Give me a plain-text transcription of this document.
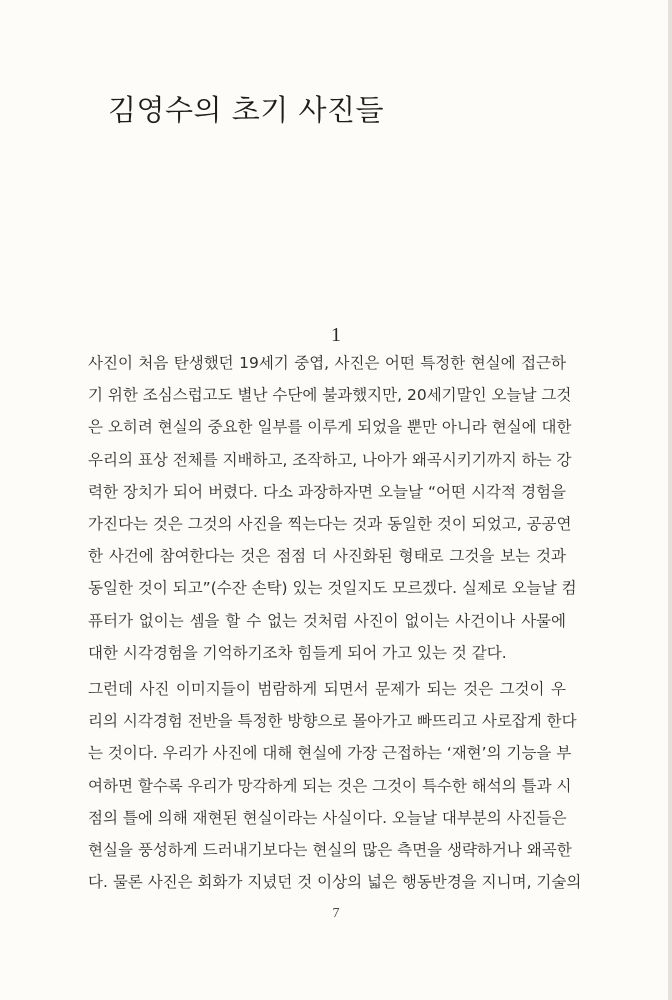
김영수의 초기 사진들

1

사진이 처음 탄생했던 19세기 중엽, 사진은 어떤 특정한 현실에 접근하

기 위한 조심스럽고도 별난 수단에 불과했지만, 20세기말인 오늘날 그것

은 오히려 현실의 중요한 일부를 이루게 되었을 뿐만 아니라 현실에 대한

우리의 표상 전체를 지배하고, 조작하고, 나아가 왜곡시키기까지 하는 강

력한 장치가 되어 버렸다. 다소 과장하자면 오늘날 “어떤 시각적 경험을

가진다는 것은 그것의 사진을 찍는다는 것과 동일한 것이 되었고, 공공연

한 사건에 참여한다는 것은 점점 더 사진화된 형태로 그것을 보는 것과

동일한 것이 되고”(수잔 손탁) 있는 것일지도 모르겠다. 실제로 오늘날 컴

퓨터가 없이는 셈을 할 수 없는 것처럼 사진이 없이는 사건이나 사물에

대한 시각경험을 기억하기조차 힘들게 되어 가고 있는 것 같다.

그런데 사진 이미지들이 범람하게 되면서 문제가 되는 것은 그것이 우

리의 시각경험 전반을 특정한 방향으로 몰아가고 빠뜨리고 사로잡게 한다

는 것이다. 우리가 사진에 대해 현실에 가장 근접하는 ‘재현’의 기능을 부

여하면 할수록 우리가 망각하게 되는 것은 그것이 특수한 해석의 틀과 시

점의 틀에 의해 재현된 현실이라는 사실이다. 오늘날 대부분의 사진들은

현실을 풍성하게 드러내기보다는 현실의 많은 측면을 생략하거나 왜곡한

다. 물론 사진은 회화가 지녔던 것 이상의 넓은 행동반경을 지니며, 기술의

7
